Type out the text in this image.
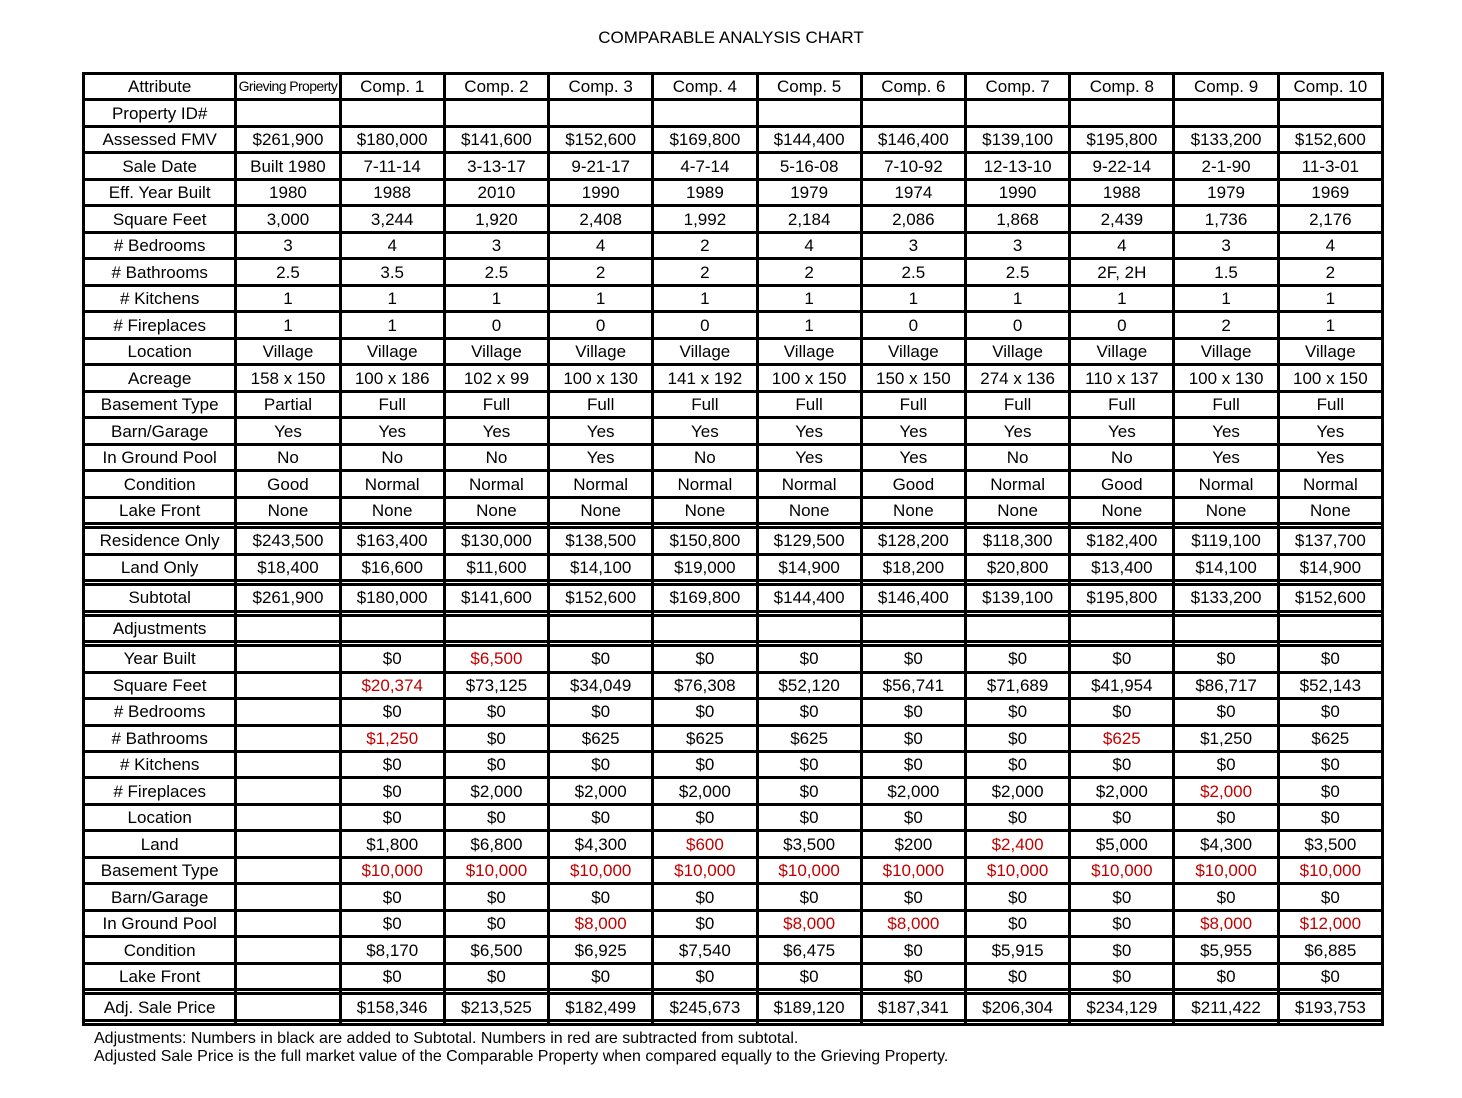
COMPARABLE ANALYSIS CHART
Attribute	Grieving Property	Comp. 1	Comp. 2	Comp. 3	Comp. 4	Comp. 5	Comp. 6	Comp. 7	Comp. 8	Comp. 9	Comp. 10
Property ID#											
Assessed FMV	$261,900	$180,000	$141,600	$152,600	$169,800	$144,400	$146,400	$139,100	$195,800	$133,200	$152,600
Sale Date	Built 1980	7-11-14	3-13-17	9-21-17	4-7-14	5-16-08	7-10-92	12-13-10	9-22-14	2-1-90	11-3-01
Eff. Year Built	1980	1988	2010	1990	1989	1979	1974	1990	1988	1979	1969
Square Feet	3,000	3,244	1,920	2,408	1,992	2,184	2,086	1,868	2,439	1,736	2,176
# Bedrooms	3	4	3	4	2	4	3	3	4	3	4
# Bathrooms	2.5	3.5	2.5	2	2	2	2.5	2.5	2F, 2H	1.5	2
# Kitchens	1	1	1	1	1	1	1	1	1	1	1
# Fireplaces	1	1	0	0	0	1	0	0	0	2	1
Location	Village	Village	Village	Village	Village	Village	Village	Village	Village	Village	Village
Acreage	158 x 150	100 x 186	102 x 99	100 x 130	141 x 192	100 x 150	150 x 150	274 x 136	110 x 137	100 x 130	100 x 150
Basement Type	Partial	Full	Full	Full	Full	Full	Full	Full	Full	Full	Full
Barn/Garage	Yes	Yes	Yes	Yes	Yes	Yes	Yes	Yes	Yes	Yes	Yes
In Ground Pool	No	No	No	Yes	No	Yes	Yes	No	No	Yes	Yes
Condition	Good	Normal	Normal	Normal	Normal	Normal	Good	Normal	Good	Normal	Normal
Lake Front	None	None	None	None	None	None	None	None	None	None	None

Residence Only	$243,500	$163,400	$130,000	$138,500	$150,800	$129,500	$128,200	$118,300	$182,400	$119,100	$137,700
Land Only	$18,400	$16,600	$11,600	$14,100	$19,000	$14,900	$18,200	$20,800	$13,400	$14,100	$14,900

Subtotal	$261,900	$180,000	$141,600	$152,600	$169,800	$144,400	$146,400	$139,100	$195,800	$133,200	$152,600

Adjustments											

Year Built		$0	$6,500	$0	$0	$0	$0	$0	$0	$0	$0
Square Feet		$20,374	$73,125	$34,049	$76,308	$52,120	$56,741	$71,689	$41,954	$86,717	$52,143
# Bedrooms		$0	$0	$0	$0	$0	$0	$0	$0	$0	$0
# Bathrooms		$1,250	$0	$625	$625	$625	$0	$0	$625	$1,250	$625
# Kitchens		$0	$0	$0	$0	$0	$0	$0	$0	$0	$0
# Fireplaces		$0	$2,000	$2,000	$2,000	$0	$2,000	$2,000	$2,000	$2,000	$0
Location		$0	$0	$0	$0	$0	$0	$0	$0	$0	$0
Land		$1,800	$6,800	$4,300	$600	$3,500	$200	$2,400	$5,000	$4,300	$3,500
Basement Type		$10,000	$10,000	$10,000	$10,000	$10,000	$10,000	$10,000	$10,000	$10,000	$10,000
Barn/Garage		$0	$0	$0	$0	$0	$0	$0	$0	$0	$0
In Ground Pool		$0	$0	$8,000	$0	$8,000	$8,000	$0	$0	$8,000	$12,000
Condition		$8,170	$6,500	$6,925	$7,540	$6,475	$0	$5,915	$0	$5,955	$6,885
Lake Front		$0	$0	$0	$0	$0	$0	$0	$0	$0	$0

Adj. Sale Price		$158,346	$213,525	$182,499	$245,673	$189,120	$187,341	$206,304	$234,129	$211,422	$193,753

Adjustments: Numbers in black are added to Subtotal. Numbers in red are subtracted from subtotal.
Adjusted Sale Price is the full market value of the Comparable Property when compared equally to the Grieving Property.
